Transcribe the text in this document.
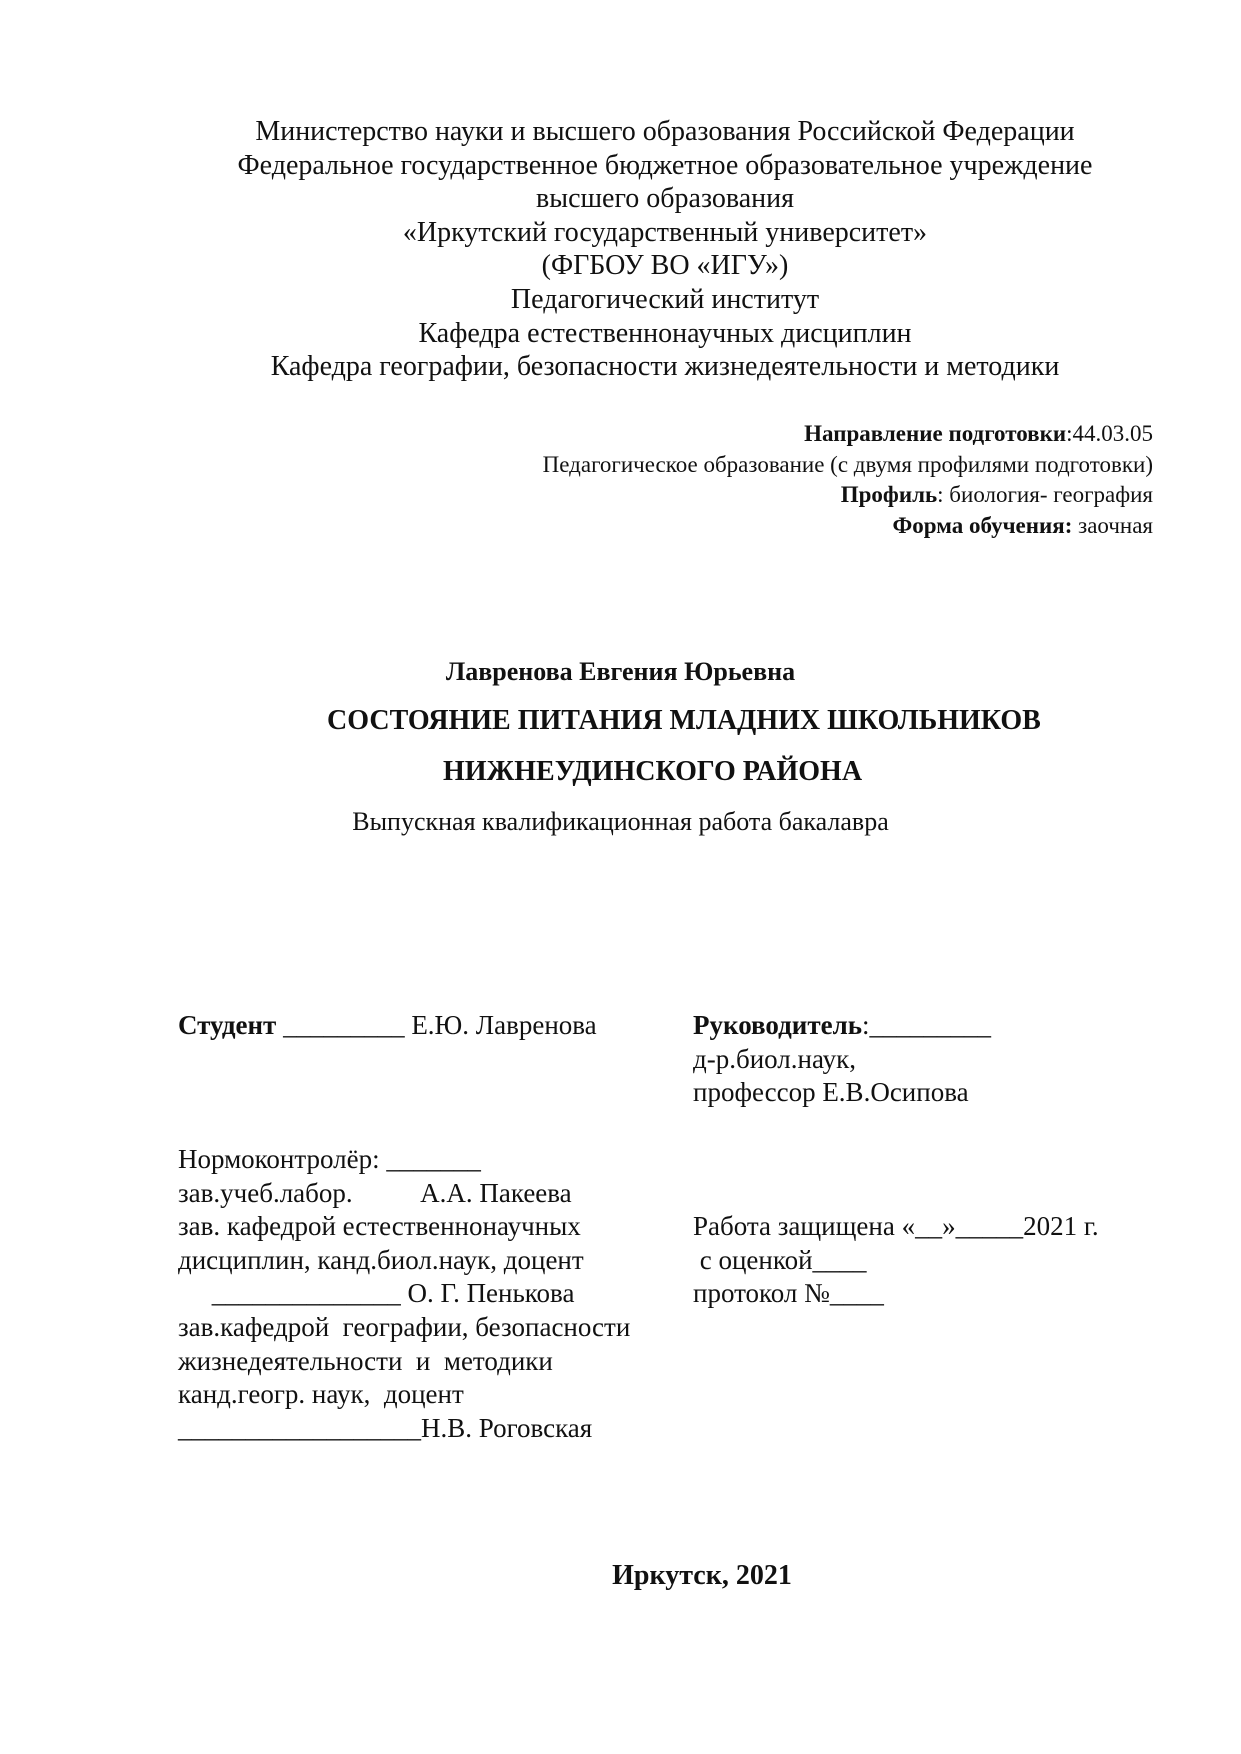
Министерство науки и высшего образования Российской Федерации
Федеральное государственное бюджетное образовательное учреждение
высшего образования
«Иркутский государственный университет»
(ФГБОУ ВО «ИГУ»)
Педагогический институт
Кафедра естественнонаучных дисциплин
Кафедра географии, безопасности жизнедеятельности и методики
Направление подготовки:44.03.05
Педагогическое образование (с двумя профилями подготовки)
Профиль: биология- география
Форма обучения: заочная
Лавренова Евгения Юрьевна
СОСТОЯНИЕ ПИТАНИЯ МЛАДНИХ ШКОЛЬНИКОВ
НИЖНЕУДИНСКОГО РАЙОНА
Выпускная квалификационная работа бакалавра
Студент _________ Е.Ю. Лавренова	Руководитель:_________
д-р.биол.наук,
профессор Е.В.Осипова
Нормоконтролёр: _______
зав.учеб.лабор.          А.А. Пакеева
зав. кафедрой естественнонаучных
дисциплин, канд.биол.наук, доцент
______________ О. Г. Пенькова
зав.кафедрой  географии, безопасности
жизнедеятельности  и  методики
канд.геогр. наук,  доцент
__________________Н.В. Роговская
Работа защищена «__»_____2021 г.
с оценкой____
протокол №____
Иркутск, 2021
